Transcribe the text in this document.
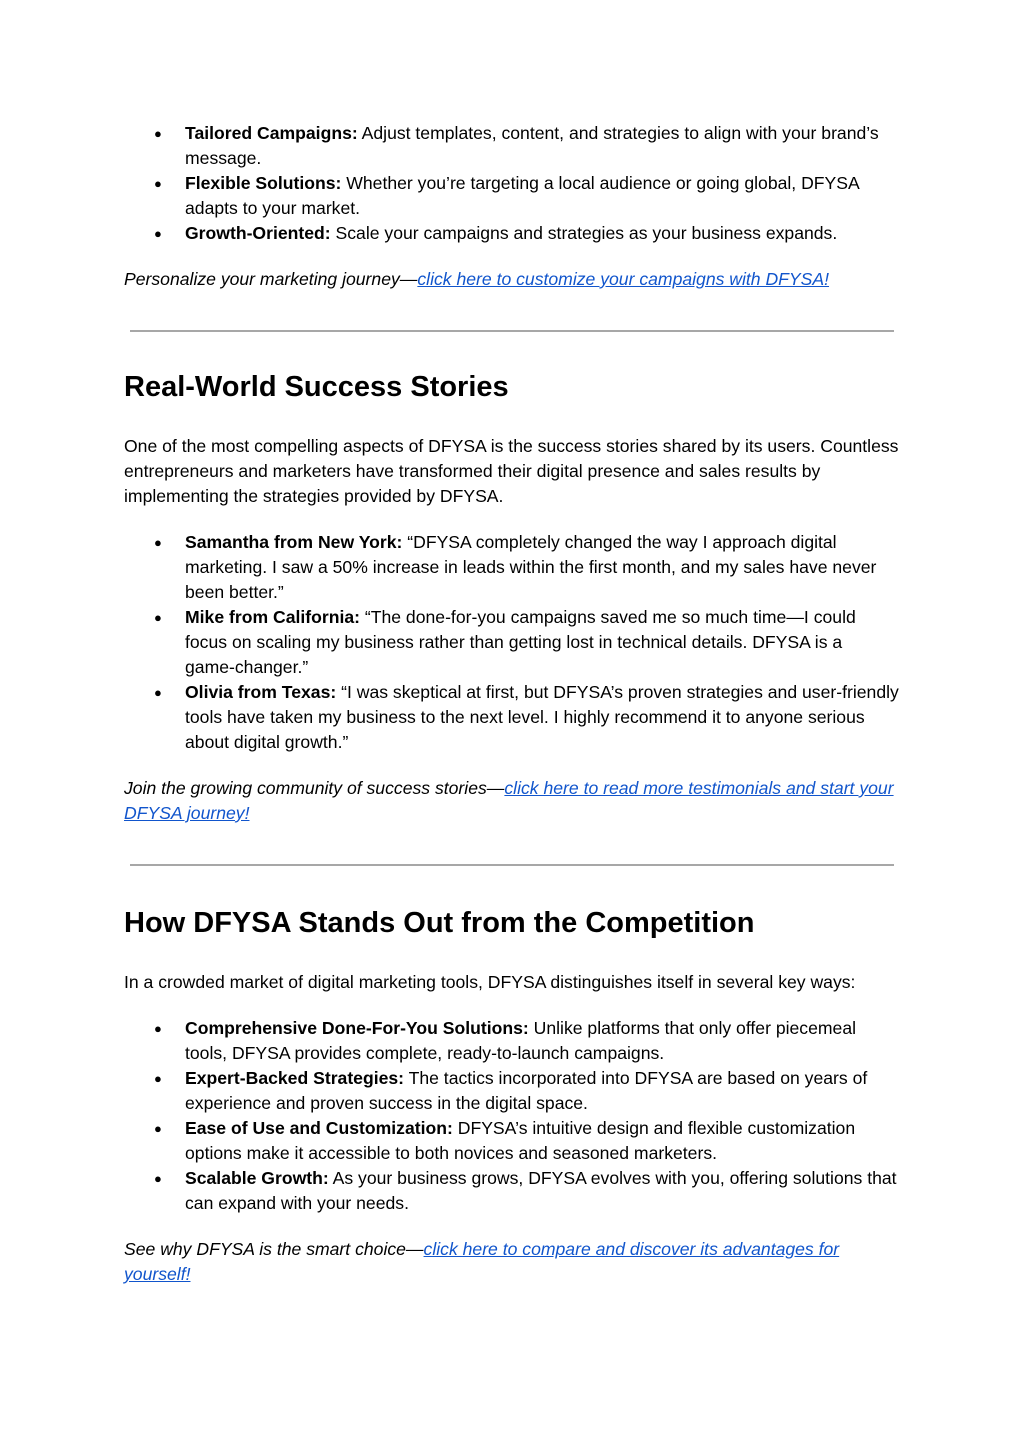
● Tailored Campaigns: Adjust templates, content, and strategies to align with your brand’s message.
● Flexible Solutions: Whether you’re targeting a local audience or going global, DFYSA adapts to your market.
● Growth‑Oriented: Scale your campaigns and strategies as your business expands.

Personalize your marketing journey—click here to customize your campaigns with DFYSA!

Real‑World Success Stories

One of the most compelling aspects of DFYSA is the success stories shared by its users. Countless entrepreneurs and marketers have transformed their digital presence and sales results by implementing the strategies provided by DFYSA.

● Samantha from New York: “DFYSA completely changed the way I approach digital marketing. I saw a 50% increase in leads within the first month, and my sales have never been better.”
● Mike from California: “The done‑for‑you campaigns saved me so much time—I could focus on scaling my business rather than getting lost in technical details. DFYSA is a game‑changer.”
● Olivia from Texas: “I was skeptical at first, but DFYSA’s proven strategies and user‑friendly tools have taken my business to the next level. I highly recommend it to anyone serious about digital growth.”

Join the growing community of success stories—click here to read more testimonials and start your DFYSA journey!

How DFYSA Stands Out from the Competition

In a crowded market of digital marketing tools, DFYSA distinguishes itself in several key ways:

● Comprehensive Done‑For‑You Solutions: Unlike platforms that only offer piecemeal tools, DFYSA provides complete, ready‑to‑launch campaigns.
● Expert‑Backed Strategies: The tactics incorporated into DFYSA are based on years of experience and proven success in the digital space.
● Ease of Use and Customization: DFYSA’s intuitive design and flexible customization options make it accessible to both novices and seasoned marketers.
● Scalable Growth: As your business grows, DFYSA evolves with you, offering solutions that can expand with your needs.

See why DFYSA is the smart choice—click here to compare and discover its advantages for yourself!
